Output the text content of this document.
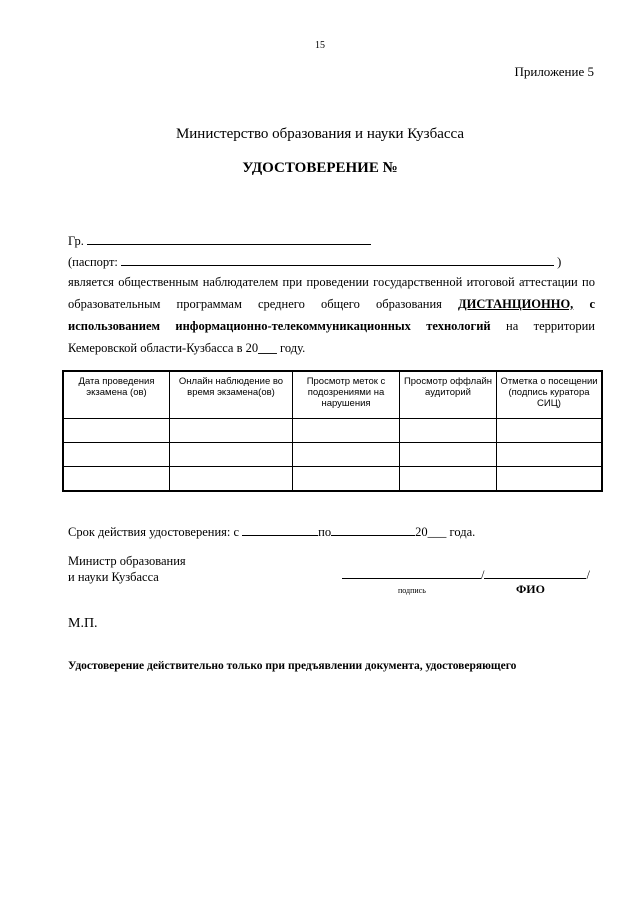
15
Приложение 5
Министерство образования и науки Кузбасса
УДОСТОВЕРЕНИЕ №
Гр.
(паспорт:	)
является общественным наблюдателем при проведении государственной итоговой аттестации по образовательным программам среднего общего образования ДИСТАНЦИОННО, с использованием информационно-телекоммуникационных технологий на территории Кемеровской области-Кузбасса в 20___ году.
Дата проведения экзамена (ов)	Онлайн наблюдение во время экзамена(ов)	Просмотр меток с подозрениями на нарушения	Просмотр оффлайн аудиторий	Отметка о посещении (подпись куратора СИЦ)

Срок действия удостоверения: с	по	20___ года.
Министр образования
и науки Кузбасса	/	/
подпись	ФИО
М.П.
Удостоверение действительно только при предъявлении документа, удостоверяющего
